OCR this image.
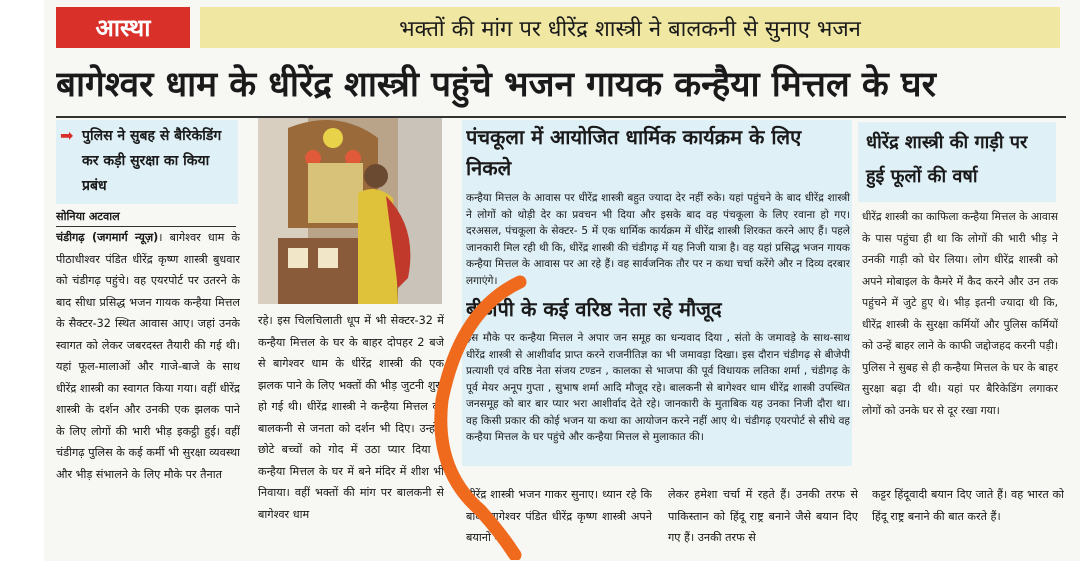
आस्था	भक्तों की मांग पर धीरेंद्र शास्त्री ने बालकनी से सुनाए भजन
बागेश्वर धाम के धीरेंद्र शास्त्री पहुंचे भजन गायक कन्हैया मित्तल के घर
➡ पुलिस ने सुबह से बैरिकेडिंग कर कड़ी सुरक्षा का किया प्रबंध
सोनिया अटवाल
चंडीगढ़ (जगमार्ग न्यूज़)। बागेश्वर धाम के पीठाधीश्वर पंडित धीरेंद्र कृष्ण शास्त्री बुधवार को चंडीगढ़ पहुंचे। वह एयरपोर्ट पर उतरने के बाद सीधा प्रसिद्ध भजन गायक कन्हैया मित्तल के सैक्टर-32 स्थित आवास आए। जहां उनके स्वागत को लेकर जबरदस्त तैयारी की गई थी। यहां फूल-मालाओं और गाजे-बाजे के साथ धीरेंद्र शास्त्री का स्वागत किया गया। वहीं धीरेंद्र शास्त्री के दर्शन और उनकी एक झलक पाने के लिए लोगों की भारी भीड़ इकट्ठी हुई। वहीं चंडीगढ़ पुलिस के कई कर्मी भी सुरक्षा व्यवस्था और भीड़ संभालने के लिए मौके पर तैनात
रहे। इस चिलचिलाती धूप में भी सेक्टर-32 में कन्हैया मित्तल के घर के बाहर दोपहर 2 बजे से बागेश्वर धाम के धीरेंद्र शास्त्री की एक झलक पाने के लिए भक्तों की भीड़ जुटनी शुरू हो गई थी। धीरेंद्र शास्त्री ने कन्हैया मित्तल की बालकनी से जनता को दर्शन भी दिए। उन्होंने छोटे बच्चों को गोद में उठा प्यार दिया व कन्हैया मित्तल के घर में बने मंदिर में शीश भी निवाया। वहीं भक्तों की मांग पर बालकनी से बागेश्वर धाम
पंचकूला में आयोजित धार्मिक कार्यक्रम के लिए निकले
कन्हैया मित्तल के आवास पर धीरेंद्र शास्त्री बहुत ज्यादा देर नहीं रुके। यहां पहुंचने के बाद धीरेंद्र शास्त्री ने लोगों को थोड़ी देर का प्रवचन भी दिया और इसके बाद वह पंचकूला के लिए रवाना हो गए। दरअसल, पंचकूला के सेक्टर- 5 में एक धार्मिक कार्यक्रम में धीरेंद्र शास्त्री शिरकत करने आए हैं। पहले जानकारी मिल रही थी कि, धीरेंद्र शास्त्री की चंडीगढ़ में यह निजी यात्रा है। वह यहां प्रसिद्ध भजन गायक कन्हैया मित्तल के आवास पर आ रहे हैं। वह सार्वजनिक तौर पर न कथा चर्चा करेंगे और न दिव्य दरबार लगाएंगे।
बीजेपी के कई वरिष्ठ नेता रहे मौजूद
इस मौके पर कन्हैया मित्तल ने अपार जन समूह का धन्यवाद दिया , संतो के जमावड़े के साथ-साथ धीरेंद्र शास्त्री से आशीर्वाद प्राप्त करने राजनीतिज्ञ का भी जमावड़ा दिखा। इस दौरान चंडीगढ़ से बीजेपी प्रत्याशी एवं वरिष्ठ नेता संजय टण्डन , कालका से भाजपा की पूर्व विधायक लतिका शर्मा , चंडीगढ़ के पूर्व मेयर अनूप गुप्ता , सुभाष शर्मा आदि मौजूद रहे। बालकनी से बागेश्वर धाम धीरेंद्र शास्त्री उपस्थित जनसमूह को बार बार प्यार भरा आशीर्वाद देते रहे। जानकारी के मुताबिक यह उनका निजी दौरा था। वह किसी प्रकार की कोई भजन या कथा का आयोजन करने नहीं आए थे। चंडीगढ़ एयरपोर्ट से सीधे वह कन्हैया मित्तल के घर पहुंचे और कन्हैया मित्तल से मुलाकात की।
धीरेंद्र शास्त्री की गाड़ी पर हुई फूलों की वर्षा
धीरेंद्र शास्त्री का काफिला कन्हैया मित्तल के आवास के पास पहुंचा ही था कि लोगों की भारी भीड़ ने उनकी गाड़ी को घेर लिया। लोग धीरेंद्र शास्त्री को अपने मोबाइल के कैमरे में कैद करने और उन तक पहुंचने में जुटे हुए थे। भीड़ इतनी ज्यादा थी कि, धीरेंद्र शास्त्री के सुरक्षा कर्मियों और पुलिस कर्मियों को उन्हें बाहर लाने के काफी जद्दोजहद करनी पड़ी। पुलिस ने सुबह से ही कन्हैया मित्तल के घर के बाहर सुरक्षा बढ़ा दी थी। यहां पर बैरिकेडिंग लगाकर लोगों को उनके घर से दूर रखा गया।
धीरेंद्र शास्त्री भजन गाकर सुनाए। ध्यान रहे कि बाबा बागेश्वर पंडित धीरेंद्र कृष्ण शास्त्री अपने बयानों को
लेकर हमेशा चर्चा में रहते हैं। उनकी तरफ से पाकिस्तान को हिंदू राष्ट्र बनाने जैसे बयान दिए गए हैं। उनकी तरफ से
कट्टर हिंदूवादी बयान दिए जाते हैं। वह भारत को हिंदू राष्ट्र बनाने की बात करते हैं।
